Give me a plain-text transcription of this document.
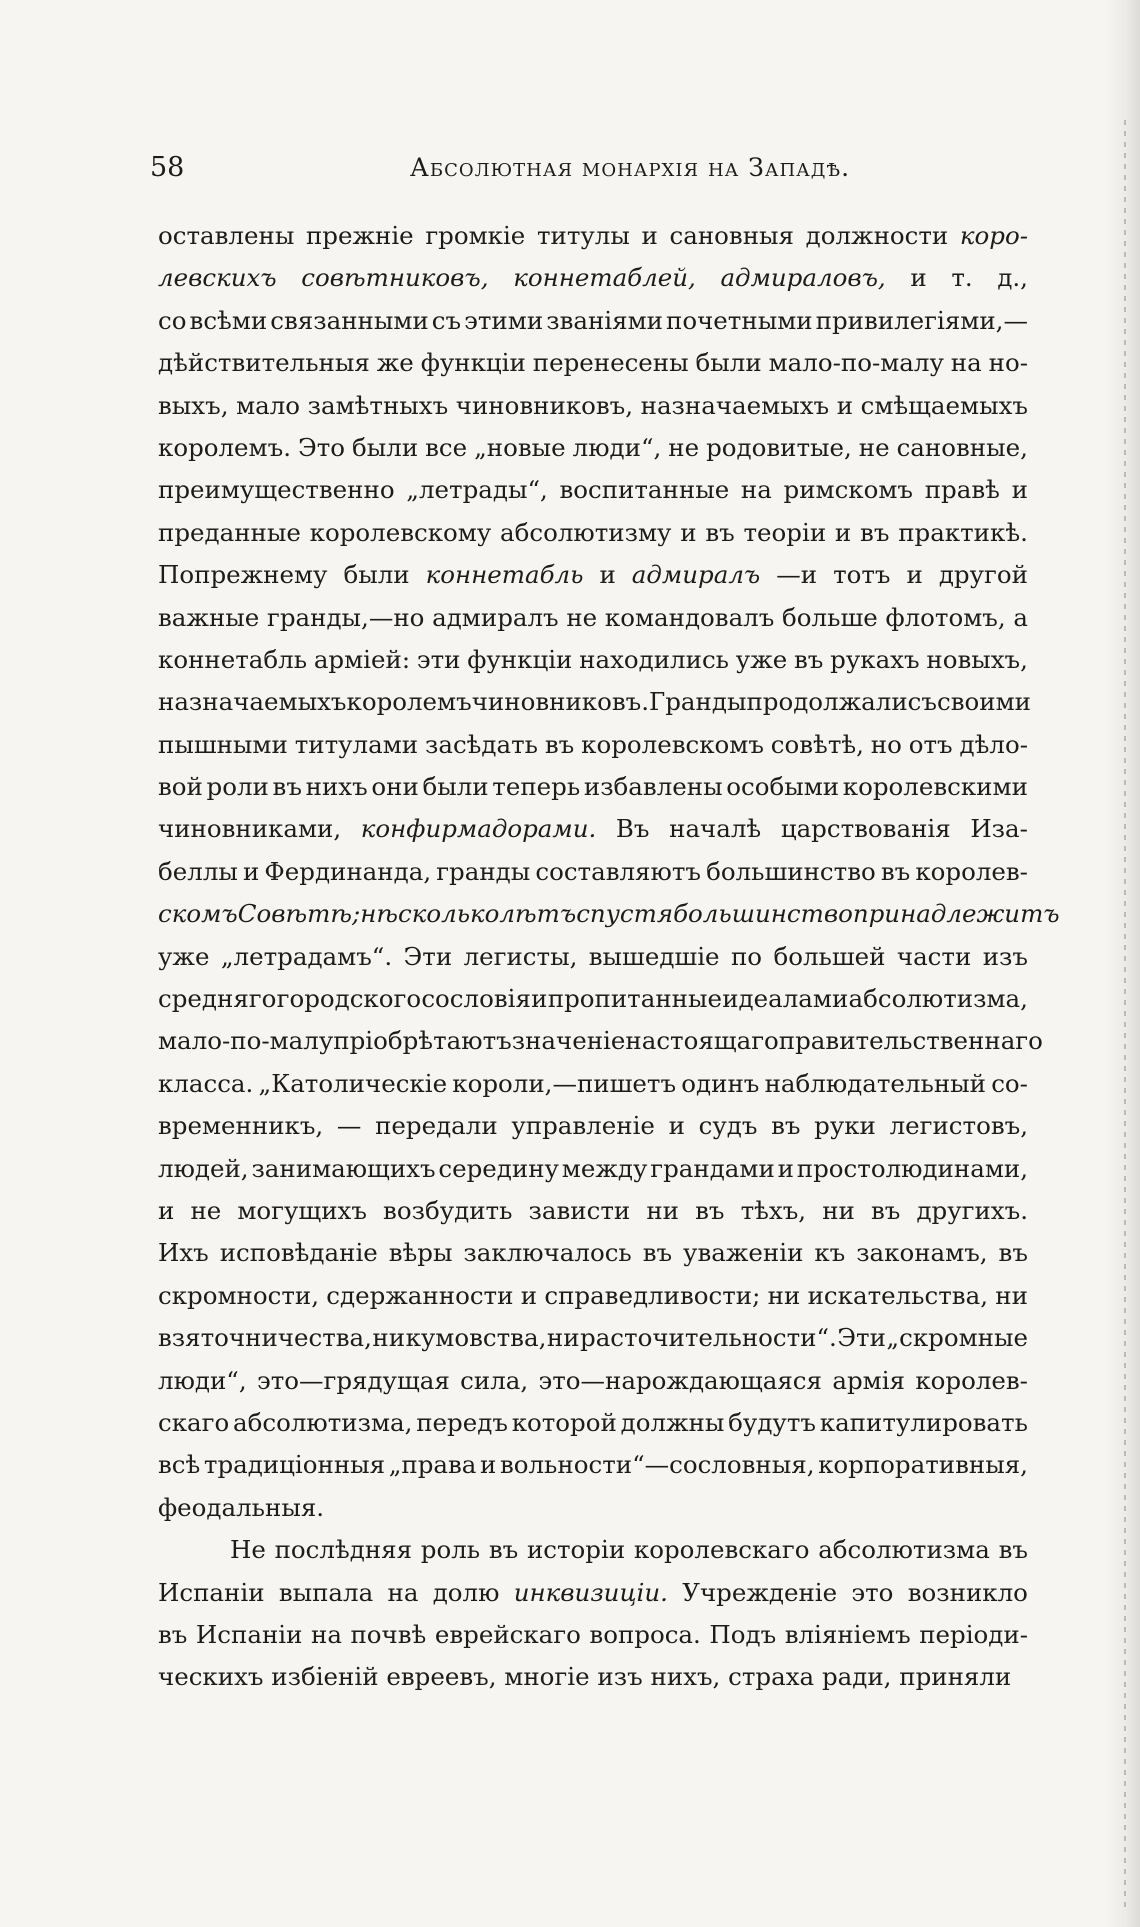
58	Абсолютная монархія на Западѣ.
оставлены прежніе громкіе титулы и сановныя должности коро-
левскихъ совѣтниковъ, коннетаблей, адмираловъ, и т. д.,
со всѣми связанными съ этими званіями почетными привилегіями,—
дѣйствительныя же функціи перенесены были мало-по-малу на но-
выхъ, мало замѣтныхъ чиновниковъ, назначаемыхъ и смѣщаемыхъ
королемъ. Это были все „новые люди“, не родовитые, не сановные,
преимущественно „летрады“, воспитанные на римскомъ правѣ и
преданные королевскому абсолютизму и въ теоріи и въ практикѣ.
Попрежнему были коннетабль и адмиралъ —и тотъ и другой
важные гранды,—но адмиралъ не командовалъ больше флотомъ, а
коннетабль арміей: эти функціи находились уже въ рукахъ новыхъ,
назначаемыхъ королемъ чиновниковъ. Гранды продолжали съ своими
пышными титулами засѣдать въ королевскомъ совѣтѣ, но отъ дѣло-
вой роли въ нихъ они были теперь избавлены особыми королевскими
чиновниками, конфирмадорами. Въ началѣ царствованія Иза-
беллы и Фердинанда, гранды составляютъ большинство въ королев-
скомъ Совѣтѣ; нѣсколько лѣтъ спустя большинство принадлежитъ
уже „летрадамъ“. Эти легисты, вышедшіе по большей части изъ
средняго городского сословія и пропитанные идеалами абсолютизма,
мало-по-малу пріобрѣтаютъ значеніе настоящаго правительственнаго
класса. „Католическіе короли,—пишетъ одинъ наблюдательный со-
временникъ, — передали управленіе и судъ въ руки легистовъ,
людей, занимающихъ середину между грандами и простолюдинами,
и не могущихъ возбудить зависти ни въ тѣхъ, ни въ другихъ.
Ихъ исповѣданіе вѣры заключалось въ уваженіи къ законамъ, въ
скромности, сдержанности и справедливости; ни искательства, ни
взяточничества, ни кумовства, ни расточительности“. Эти „скромные
люди“, это—грядущая сила, это—нарождающаяся армія королев-
скаго абсолютизма, передъ которой должны будутъ капитулировать
всѣ традиціонныя „права и вольности“—сословныя, корпоративныя,
феодальныя.
Не послѣдняя роль въ исторіи королевскаго абсолютизма въ
Испаніи выпала на долю инквизиціи. Учрежденіе это возникло
въ Испаніи на почвѣ еврейскаго вопроса. Подъ вліяніемъ періоди-
ческихъ
избіеній
евреевъ,
многіе
изъ
нихъ,
страха
ради,
приняли
